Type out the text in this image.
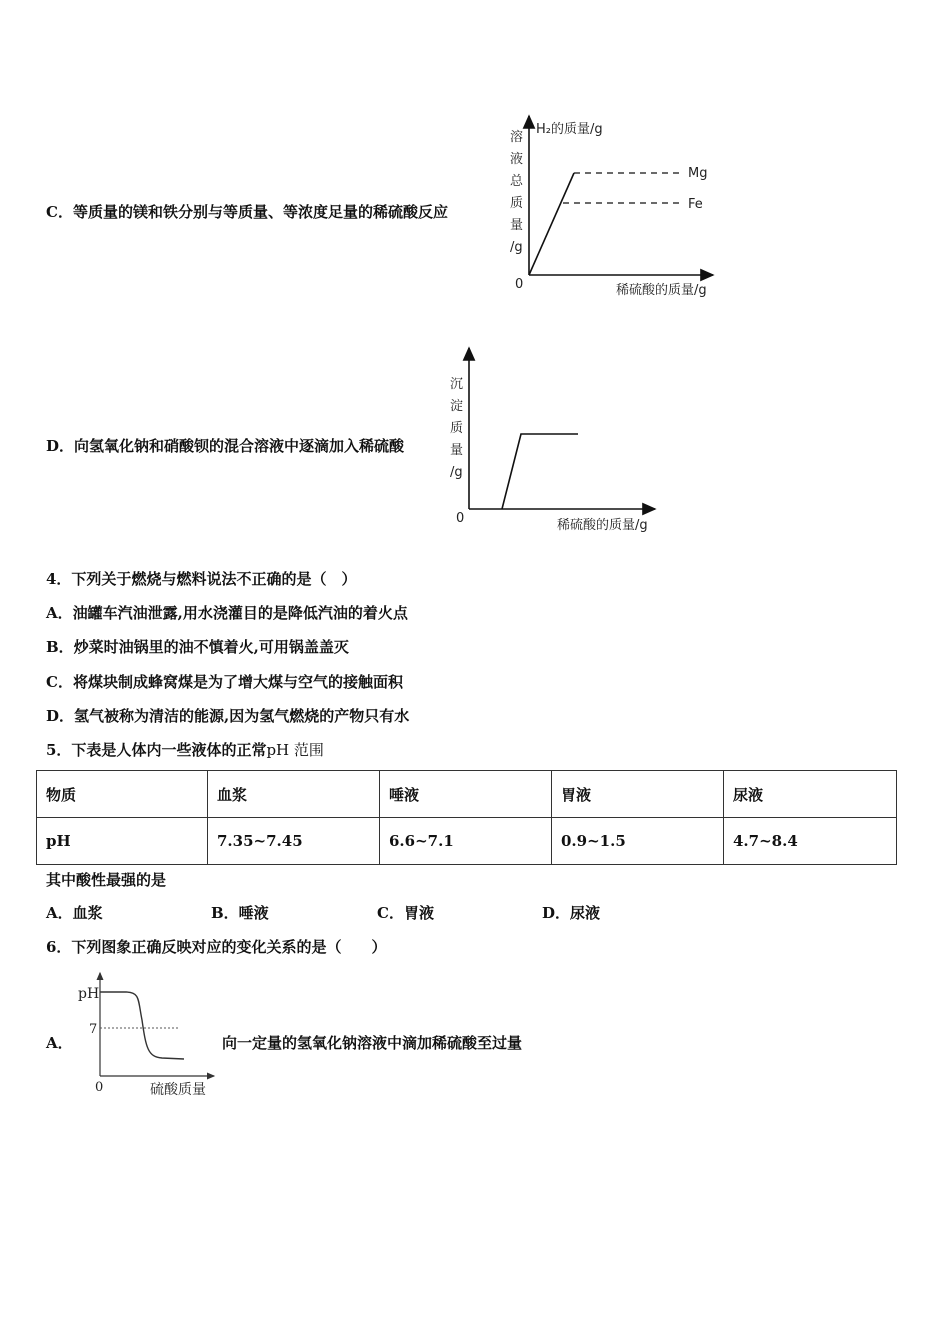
C．等质量的镁和铁分别与等质量、等浓度足量的稀硫酸反应
H₂的质量/g
溶
液
总
质
量
/g
0
Mg
Fe
稀硫酸的质量/g
D．向氢氧化钠和硝酸钡的混合溶液中逐滴加入稀硫酸
沉
淀
质
量
/g
0	稀硫酸的质量/g
4．下列关于燃烧与燃料说法不正确的是（　）
A．油罐车汽油泄露,用水浇灌目的是降低汽油的着火点
B．炒菜时油锅里的油不慎着火,可用锅盖盖灭
C．将煤块制成蜂窝煤是为了增大煤与空气的接触面积
D．氢气被称为清洁的能源,因为氢气燃烧的产物只有水
5．下表是人体内一些液体的正常pH 范围
物质	血浆	唾液	胃液	尿液
pH	7.35~7.45	6.6~7.1	0.9~1.5	4.7~8.4
其中酸性最强的是
A．血浆	B．唾液	C．胃液	D．尿液
6．下列图象正确反映对应的变化关系的是（　　）
A．
pH
7
0	硫酸质量
向一定量的氢氧化钠溶液中滴加稀硫酸至过量
